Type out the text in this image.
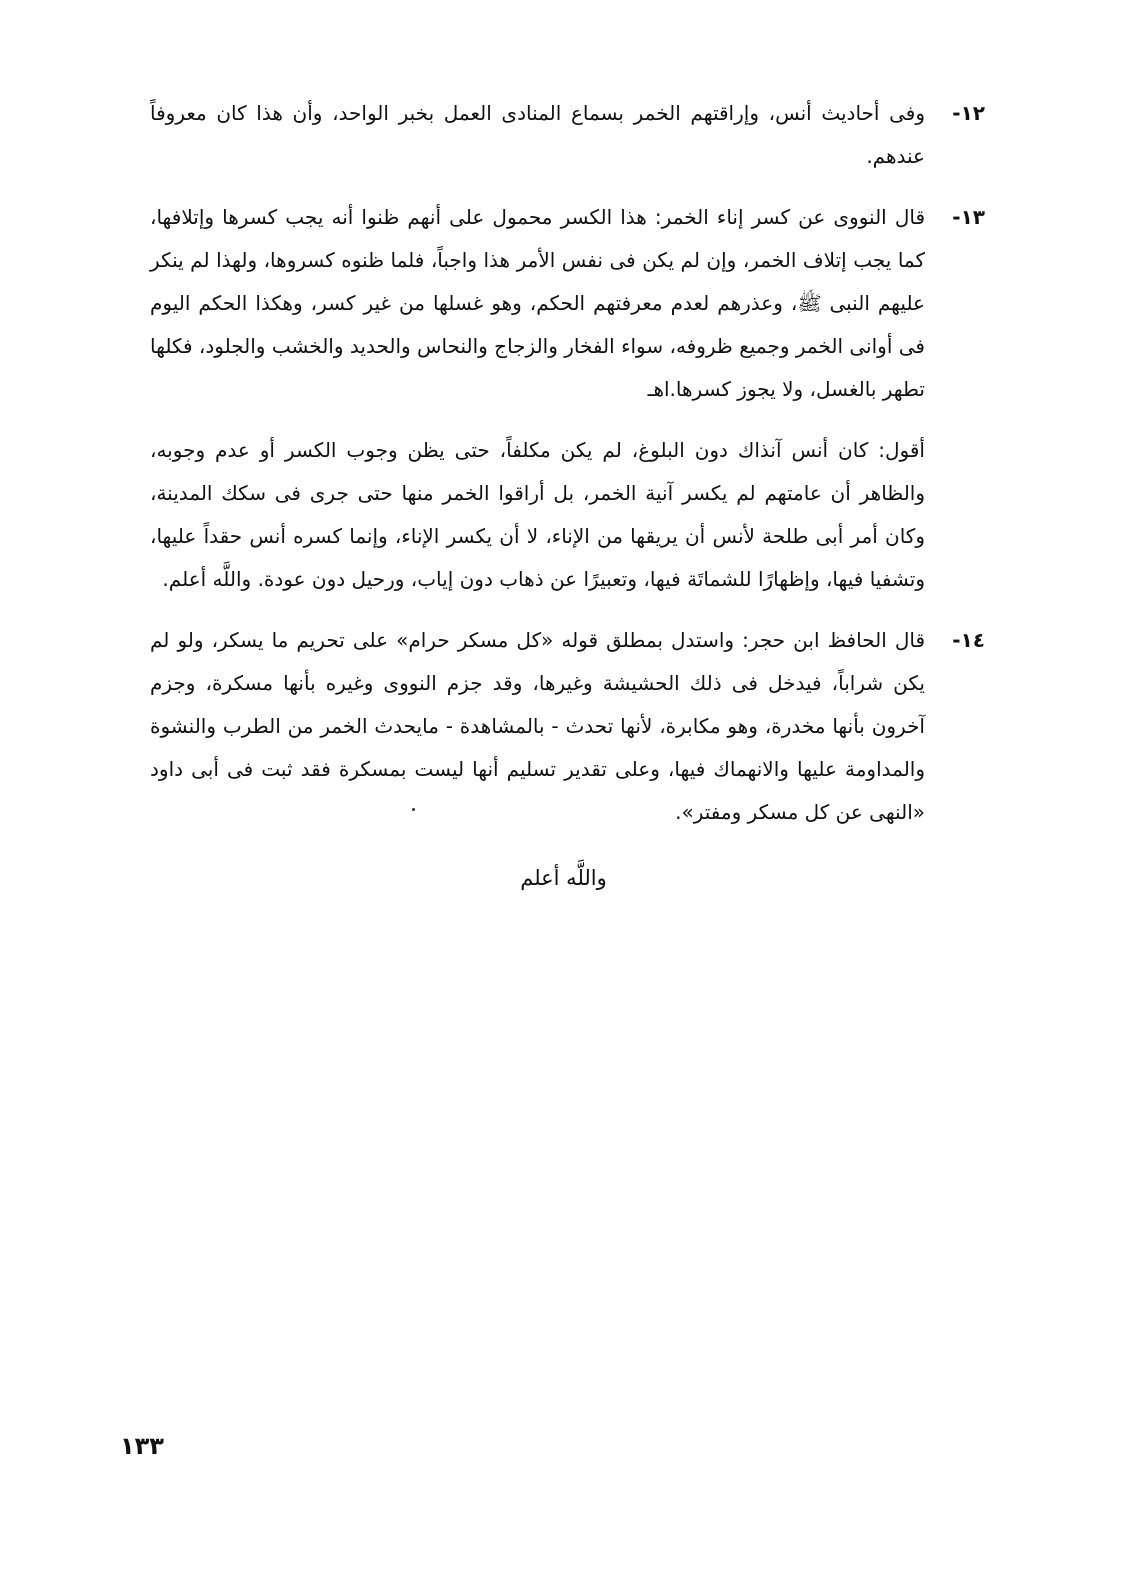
١٢-
وفى أحاديث أنس، وإراقتهم الخمر بسماع المنادى العمل بخبر الواحد، وأن هذا كان معروفاً عندهم.
١٣-
قال النووى عن كسر إناء الخمر: هذا الكسر محمول على أنهم ظنوا أنه يجب كسرها وإتلافها، كما يجب إتلاف الخمر، وإن لم يكن فى نفس الأمر هذا واجباً، فلما ظنوه كسروها، ولهذا لم ينكر عليهم النبى ﷺ، وعذرهم لعدم معرفتهم الحكم، وهو غسلها من غير كسر، وهكذا الحكم اليوم فى أوانى الخمر وجميع ظروفه، سواء الفخار والزجاج والنحاس والحديد والخشب والجلود، فكلها تطهر بالغسل، ولا يجوز كسرها.اهـ
أقول: كان أنس آنذاك دون البلوغ، لم يكن مكلفاً، حتى يظن وجوب الكسر أو عدم وجوبه، والظاهر أن عامتهم لم يكسر آنية الخمر، بل أراقوا الخمر منها حتى جرى فى سكك المدينة، وكان أمر أبى طلحة لأنس أن يريقها من الإناء، لا أن يكسر الإناء، وإنما كسره أنس حقداً عليها، وتشفيا فيها، وإظهارًا للشماتَة فيها، وتعبيرًا عن ذهاب دون إياب، ورحيل دون عودة. واللَّه أعلم.
١٤-
قال الحافظ ابن حجر: واستدل بمطلق قوله «كل مسكر حرام» على تحريم ما يسكر، ولو لم يكن شراباً، فيدخل فى ذلك الحشيشة وغيرها، وقد جزم النووى وغيره بأنها مسكرة، وجزم آخرون بأنها مخدرة، وهو مكابرة، لأنها تحدث - بالمشاهدة - مايحدث الخمر من الطرب والنشوة والمداومة عليها والانهماك فيها، وعلى تقدير تسليم أنها ليست بمسكرة فقد ثبت فى أبى داود «النهى عن كل مسكر ومفتر».
واللَّه أعلم
١٣٣
